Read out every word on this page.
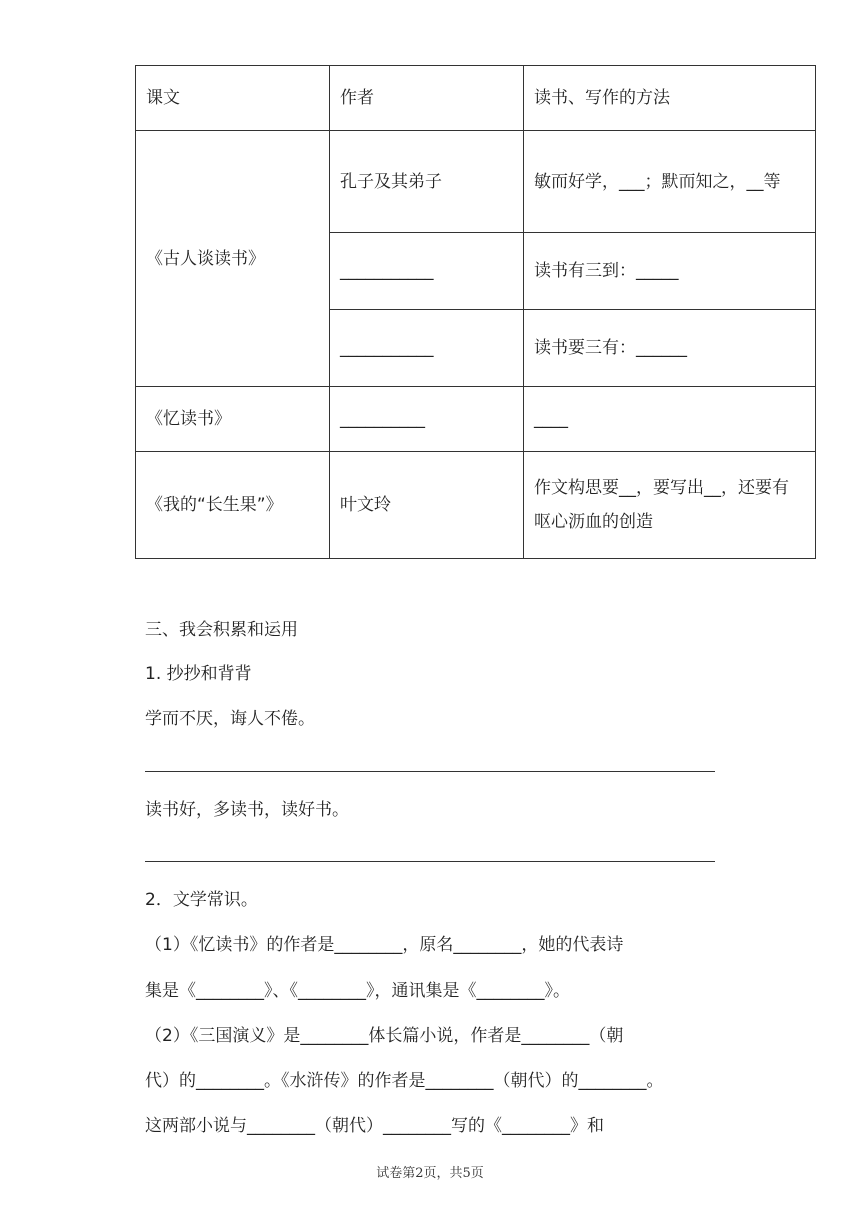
课文	作者	读书、写作的方法
《古人谈读书》	孔子及其弟子	敏而好学，___；默而知之，__等
	___________	读书有三到：_____
	___________	读书要三有：______
《忆读书》	__________	____
《我的“长生果”》	叶文玲	作文构思要__，要写出__，还要有呕心沥血的创造
三、我会积累和运用
1. 抄抄和背背
学而不厌，诲人不倦。
读书好，多读书，读好书。
2．文学常识。
（1）《忆读书》的作者是________，原名________，她的代表诗
集是《________》、《________》，通讯集是《________》。
（2）《三国演义》是________体长篇小说，作者是________（朝
代）的________。《水浒传》的作者是________（朝代）的________。
这两部小说与________（朝代）________写的《________》和
试卷第2页，共5页
